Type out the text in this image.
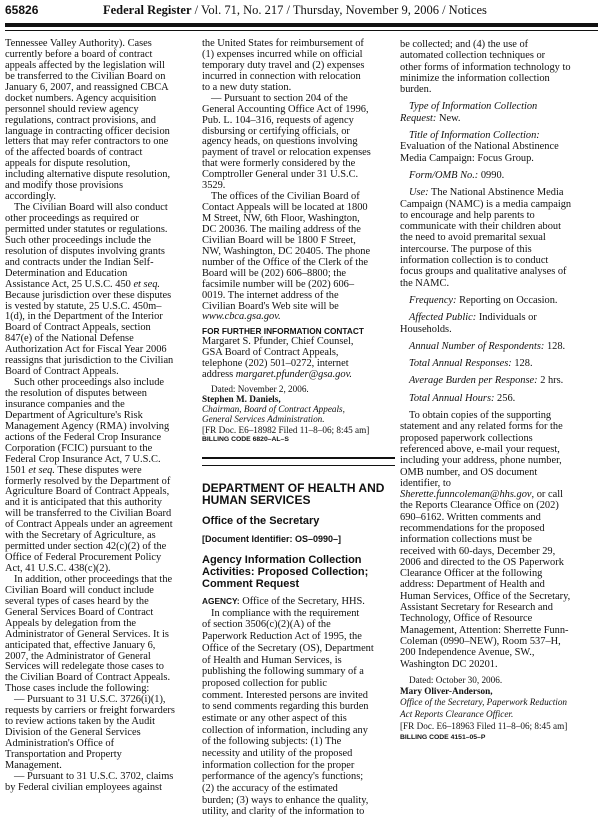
65826	Federal Register / Vol. 71, No. 217 / Thursday, November 9, 2006 / Notices
Tennessee Valley Authority). Cases
currently before a board of contract
appeals affected by the legislation will
be transferred to the Civilian Board on
January 6, 2007, and reassigned CBCA
docket numbers. Agency acquisition
personnel should review agency
regulations, contract provisions, and
language in contracting officer decision
letters that may refer contractors to one
of the affected boards of contract
appeals for dispute resolution,
including alternative dispute resolution,
and modify those provisions
accordingly.
The Civilian Board will also conduct
other proceedings as required or
permitted under statutes or regulations.
Such other proceedings include the
resolution of disputes involving grants
and contracts under the Indian Self-
Determination and Education
Assistance Act, 25 U.S.C. 450 et seq.
Because jurisdiction over these disputes
is vested by statute, 25 U.S.C. 450m–
1(d), in the Department of the Interior
Board of Contract Appeals, section
847(e) of the National Defense
Authorization Act for Fiscal Year 2006
reassigns that jurisdiction to the Civilian
Board of Contract Appeals.
Such other proceedings also include
the resolution of disputes between
insurance companies and the
Department of Agriculture's Risk
Management Agency (RMA) involving
actions of the Federal Crop Insurance
Corporation (FCIC) pursuant to the
Federal Crop Insurance Act, 7 U.S.C.
1501 et seq. These disputes were
formerly resolved by the Department of
Agriculture Board of Contract Appeals,
and it is anticipated that this authority
will be transferred to the Civilian Board
of Contract Appeals under an agreement
with the Secretary of Agriculture, as
permitted under section 42(c)(2) of the
Office of Federal Procurement Policy
Act, 41 U.S.C. 438(c)(2).
In addition, other proceedings that the
Civilian Board will conduct include
several types of cases heard by the
General Services Board of Contract
Appeals by delegation from the
Administrator of General Services. It is
anticipated that, effective January 6,
2007, the Administrator of General
Services will redelegate those cases to
the Civilian Board of Contract Appeals.
Those cases include the following:
— Pursuant to 31 U.S.C. 3726(i)(1),
requests by carriers or freight forwarders
to review actions taken by the Audit
Division of the General Services
Administration's Office of
Transportation and Property
Management.
— Pursuant to 31 U.S.C. 3702, claims
by Federal civilian employees against
the United States for reimbursement of
(1) expenses incurred while on official
temporary duty travel and (2) expenses
incurred in connection with relocation
to a new duty station.
— Pursuant to section 204 of the
General Accounting Office Act of 1996,
Pub. L. 104–316, requests of agency
disbursing or certifying officials, or
agency heads, on questions involving
payment of travel or relocation expenses
that were formerly considered by the
Comptroller General under 31 U.S.C.
3529.
The offices of the Civilian Board of
Contact Appeals will be located at 1800
M Street, NW, 6th Floor, Washington,
DC 20036. The mailing address of the
Civilian Board will be 1800 F Street,
NW, Washington, DC 20405. The phone
number of the Office of the Clerk of the
Board will be (202) 606–8800; the
facsimile number will be (202) 606–
0019. The internet address of the
Civilian Board's Web site will be
www.cbca.gsa.gov.
FOR FURTHER INFORMATION CONTACT
Margaret S. Pfunder, Chief Counsel,
GSA Board of Contract Appeals,
telephone (202) 501–0272, internet
address margaret.pfunder@gsa.gov.
Dated: November 2, 2006.
Stephen M. Daniels,
Chairman, Board of Contract Appeals,
General Services Administration.
[FR Doc. E6–18982 Filed 11–8–06; 8:45 am]
BILLING CODE 6820–AL–S
DEPARTMENT OF HEALTH AND
HUMAN SERVICES
Office of the Secretary
[Document Identifier: OS–0990–]
Agency Information Collection
Activities: Proposed Collection;
Comment Request
AGENCY: Office of the Secretary, HHS.
In compliance with the requirement
of section 3506(c)(2)(A) of the
Paperwork Reduction Act of 1995, the
Office of the Secretary (OS), Department
of Health and Human Services, is
publishing the following summary of a
proposed collection for public
comment. Interested persons are invited
to send comments regarding this burden
estimate or any other aspect of this
collection of information, including any
of the following subjects: (1) The
necessity and utility of the proposed
information collection for the proper
performance of the agency's functions;
(2) the accuracy of the estimated
burden; (3) ways to enhance the quality,
utility, and clarity of the information to
be collected; and (4) the use of
automated collection techniques or
other forms of information technology to
minimize the information collection
burden.
Type of Information Collection
Request: New.
Title of Information Collection:
Evaluation of the National Abstinence
Media Campaign: Focus Group.
Form/OMB No.: 0990.
Use: The National Abstinence Media
Campaign (NAMC) is a media campaign
to encourage and help parents to
communicate with their children about
the need to avoid premarital sexual
intercourse. The purpose of this
information collection is to conduct
focus groups and qualitative analyses of
the NAMC.
Frequency: Reporting on Occasion.
Affected Public: Individuals or
Households.
Annual Number of Respondents: 128.
Total Annual Responses: 128.
Average Burden per Response: 2 hrs.
Total Annual Hours: 256.
To obtain copies of the supporting
statement and any related forms for the
proposed paperwork collections
referenced above, e-mail your request,
including your address, phone number,
OMB number, and OS document
identifier, to
Sherette.funncoleman@hhs.gov, or call
the Reports Clearance Office on (202)
690–6162. Written comments and
recommendations for the proposed
information collections must be
received with 60-days, December 29,
2006 and directed to the OS Paperwork
Clearance Officer at the following
address: Department of Health and
Human Services, Office of the Secretary,
Assistant Secretary for Research and
Technology, Office of Resource
Management, Attention: Sherrette Funn-
Coleman (0990–NEW), Room 537–H,
200 Independence Avenue, SW.,
Washington DC 20201.
Dated: October 30, 2006.
Mary Oliver-Anderson,
Office of the Secretary, Paperwork Reduction
Act Reports Clearance Officer.
[FR Doc. E6–18963 Filed 11–8–06; 8:45 am]
BILLING CODE 4151–05–P
